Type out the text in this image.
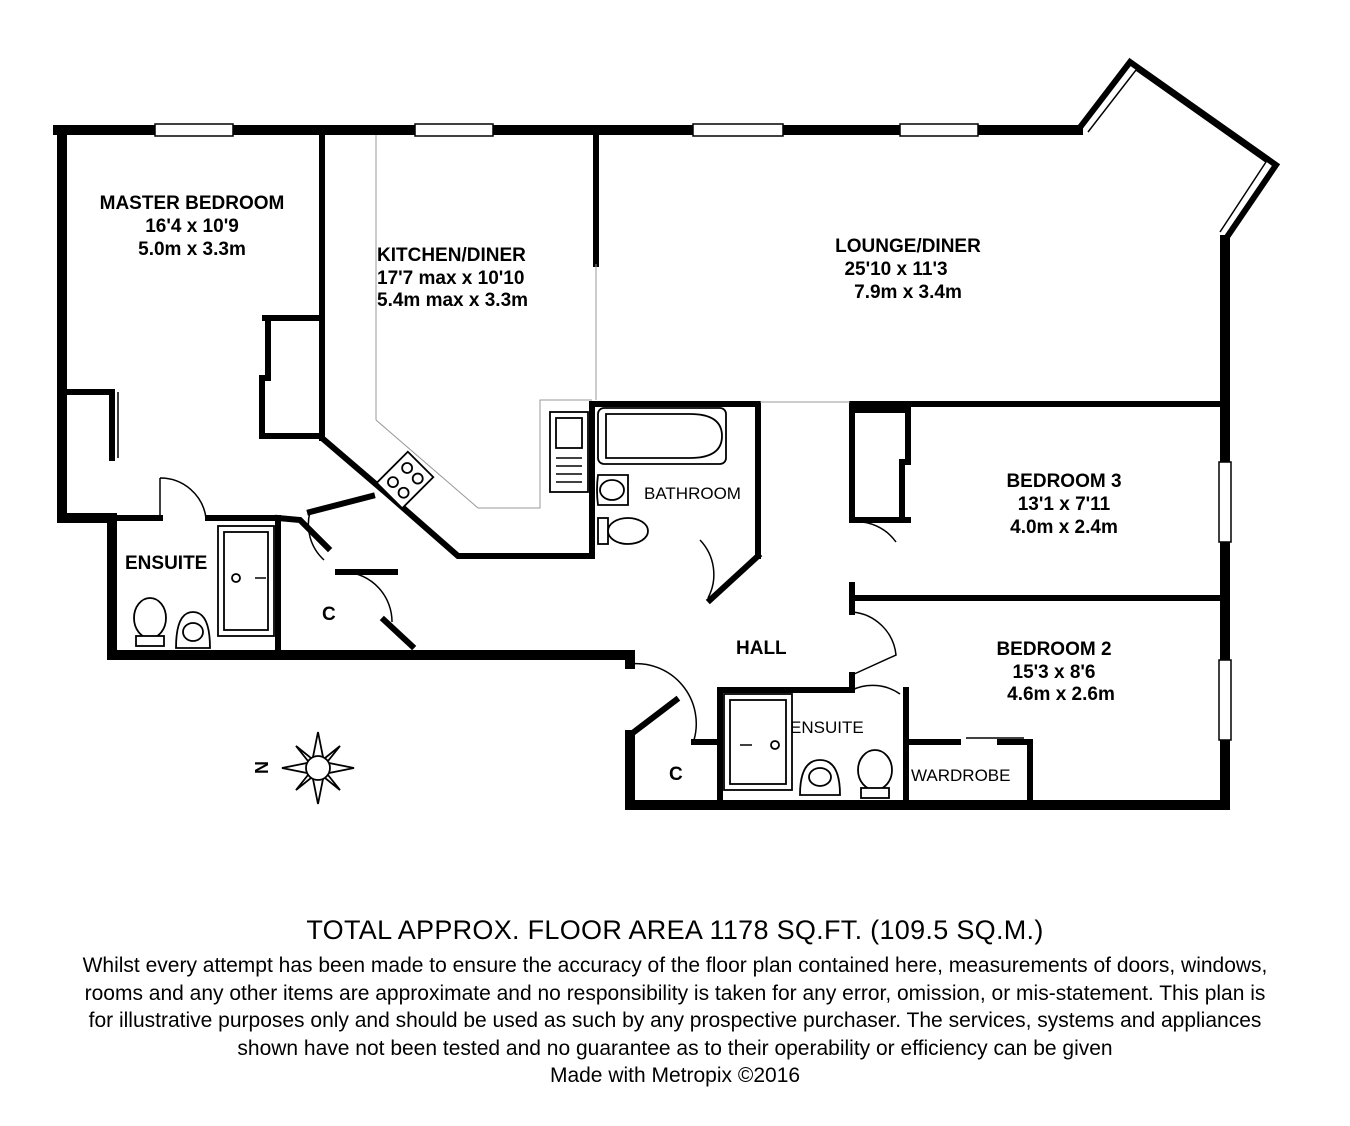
N
MASTER BEDROOM
16'4 x 10'9
5.0m x 3.3m	KITCHEN/DINER
17'7 max x 10'10
5.4m max x 3.3m
LOUNGE/DINER
25'10 x 11'3
7.9m x 3.4m
BEDROOM 3
13'1 x 7'11
4.0m x 2.4m
BEDROOM 2
15'3 x 8'6
4.6m x 2.6m
ENSUITE
BATHROOM
HALL
C
C
ENSUITE
WARDROBE
TOTAL APPROX. FLOOR AREA 1178 SQ.FT. (109.5 SQ.M.)
Whilst every attempt has been made to ensure the accuracy of the floor plan contained here, measurements of doors, windows, rooms and any other items are approximate and no responsibility is taken for any error, omission, or mis-statement. This plan is for illustrative purposes only and should be used as such by any prospective purchaser. The services, systems and appliances shown have not been tested and no guarantee as to their operability or efficiency can be given
Made with Metropix ©2016
